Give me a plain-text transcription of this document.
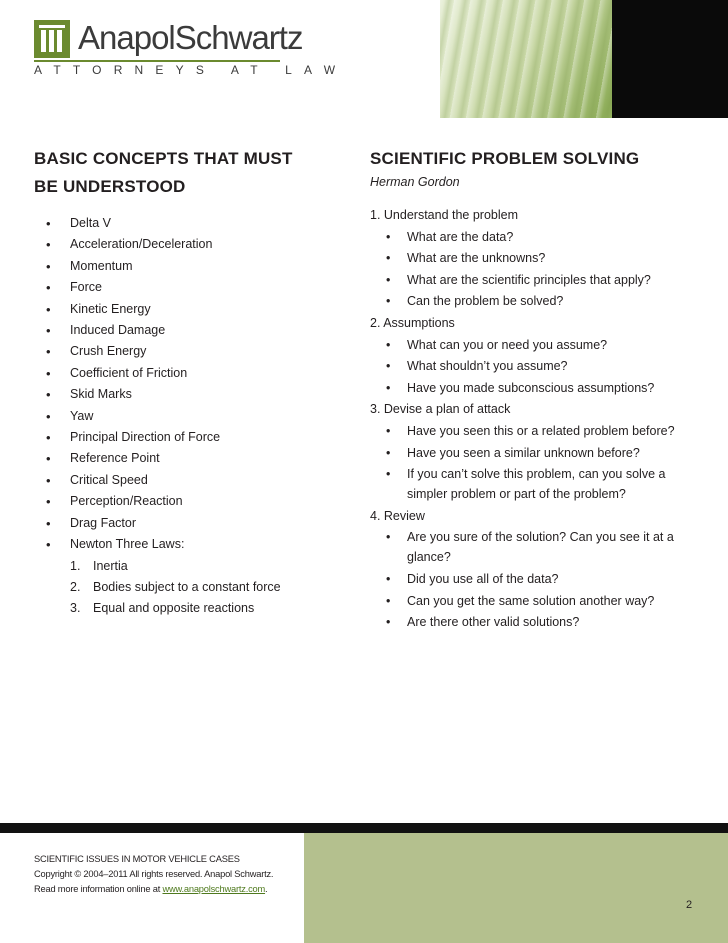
AnapolSchwartz
ATTORNEYS AT LAW
BASIC CONCEPTS THAT MUST
BE UNDERSTOOD
• Delta V
• Acceleration/Deceleration
• Momentum
• Force
• Kinetic Energy
• Induced Damage
• Crush Energy
• Coefficient of Friction
• Skid Marks
• Yaw
• Principal Direction of Force
• Reference Point
• Critical Speed
• Perception/Reaction
• Drag Factor
• Newton Three Laws:
1. Inertia
2. Bodies subject to a constant force
3. Equal and opposite reactions
SCIENTIFIC PROBLEM SOLVING
Herman Gordon
1. Understand the problem
• What are the data?
• What are the unknowns?
• What are the scientific principles that apply?
• Can the problem be solved?
2. Assumptions
• What can you or need you assume?
• What shouldn’t you assume?
• Have you made subconscious assumptions?
3. Devise a plan of attack
• Have you seen this or a related problem before?
• Have you seen a similar unknown before?
• If you can’t solve this problem, can you solve a simpler problem or part of the problem?
4. Review
• Are you sure of the solution? Can you see it at a glance?
• Did you use all of the data?
• Can you get the same solution another way?
• Are there other valid solutions?
SCIENTIFIC ISSUES IN MOTOR VEHICLE CASES
Copyright © 2004–2011 All rights reserved. Anapol Schwartz.
Read more information online at www.anapolschwartz.com.
2
